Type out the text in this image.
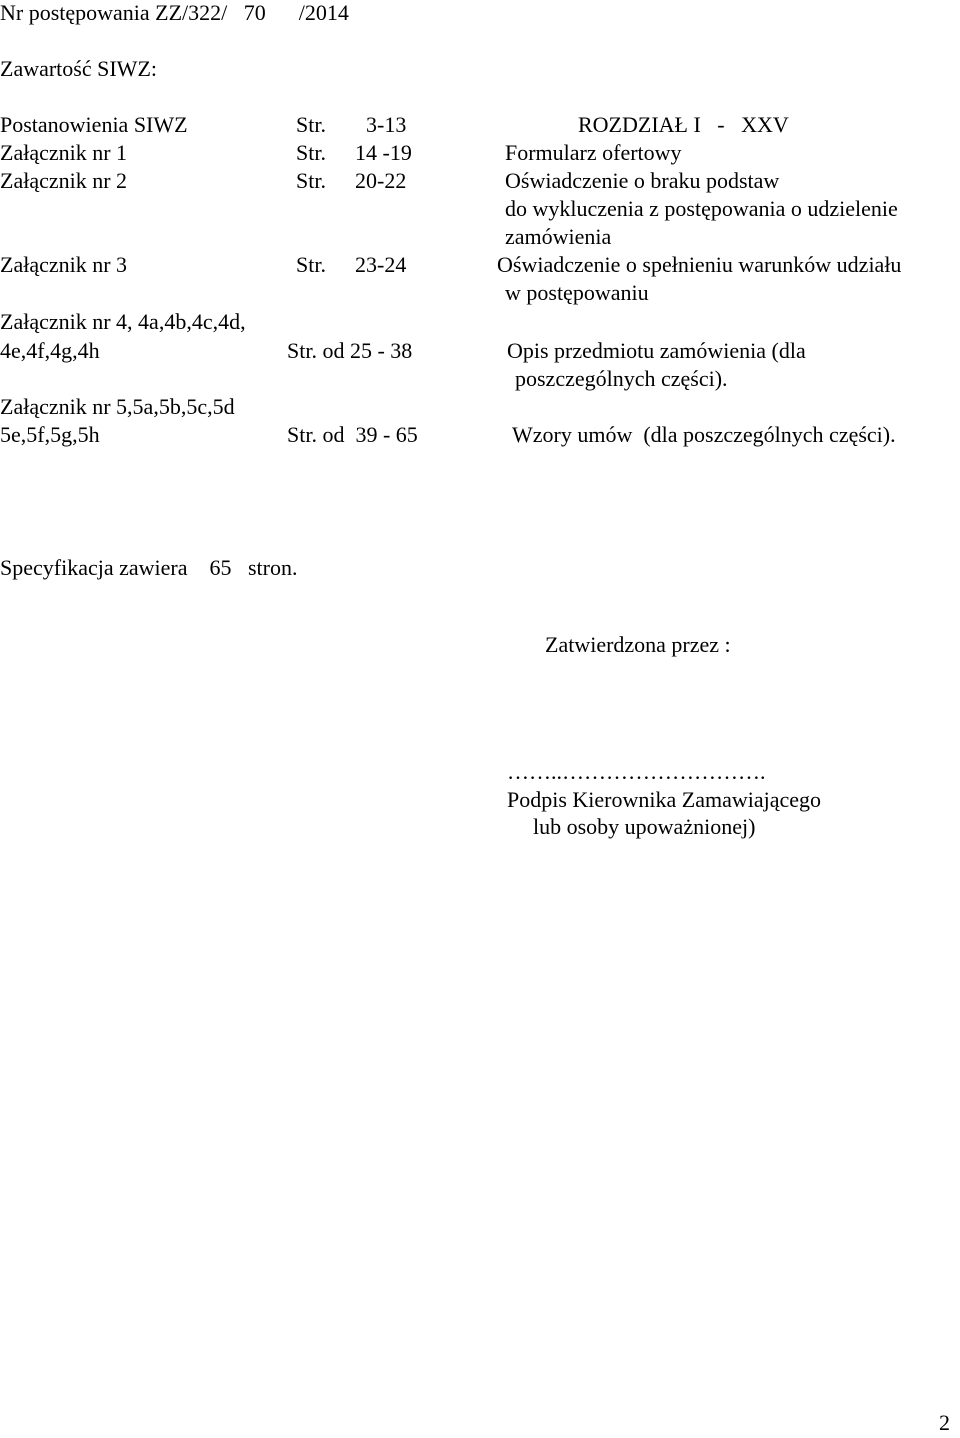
Nr postępowania ZZ/322/   70      /2014
Zawartość SIWZ:
Postanowienia SIWZ	Str. 3-13	ROZDZIAŁ I   -   XXV
Załącznik nr 1	Str. 14 -19	Formularz ofertowy
Załącznik nr 2	Str. 20-22	Oświadczenie o braku podstaw
do wykluczenia z postępowania o udzielenie
zamówienia
Załącznik nr 3	Str. 23-24	Oświadczenie o spełnieniu warunków udziału
w postępowaniu
Załącznik nr 4, 4a,4b,4c,4d,
4e,4f,4g,4h	Str. od 25 - 38	Opis przedmiotu zamówienia (dla
poszczególnych części).
Załącznik nr 5,5a,5b,5c,5d
5e,5f,5g,5h	Str. od  39 - 65	Wzory umów  (dla poszczególnych części).
Specyfikacja zawiera    65   stron.
Zatwierdzona przez :
……..……………………….
Podpis Kierownika Zamawiającego
lub osoby upoważnionej)
2
